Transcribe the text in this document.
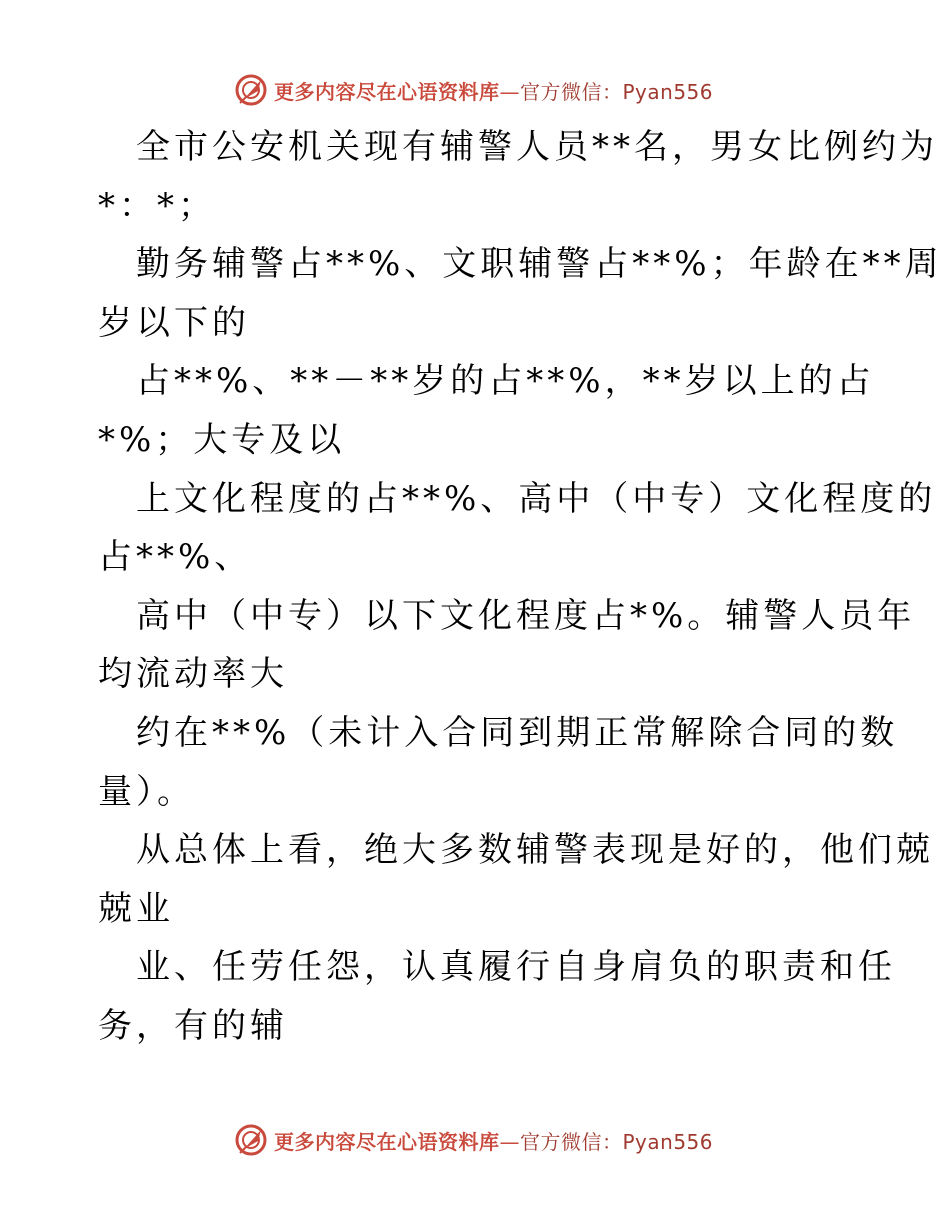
更多内容尽在心语资料库—官方微信：Pyan556
全市公安机关现有辅警人员**名，男女比例约为
*：*；
勤务辅警占**%、文职辅警占**%；年龄在**周
岁以下的
占**%、**－**岁的占**%，**岁以上的占
*%；大专及以
上文化程度的占**%、高中（中专）文化程度的
占**%、
高中（中专）以下文化程度占*%。辅警人员年
均流动率大
约在**%（未计入合同到期正常解除合同的数
量）。
从总体上看，绝大多数辅警表现是好的，他们兢
兢业
业、任劳任怨，认真履行自身肩负的职责和任
务，有的辅
更多内容尽在心语资料库—官方微信：Pyan556
